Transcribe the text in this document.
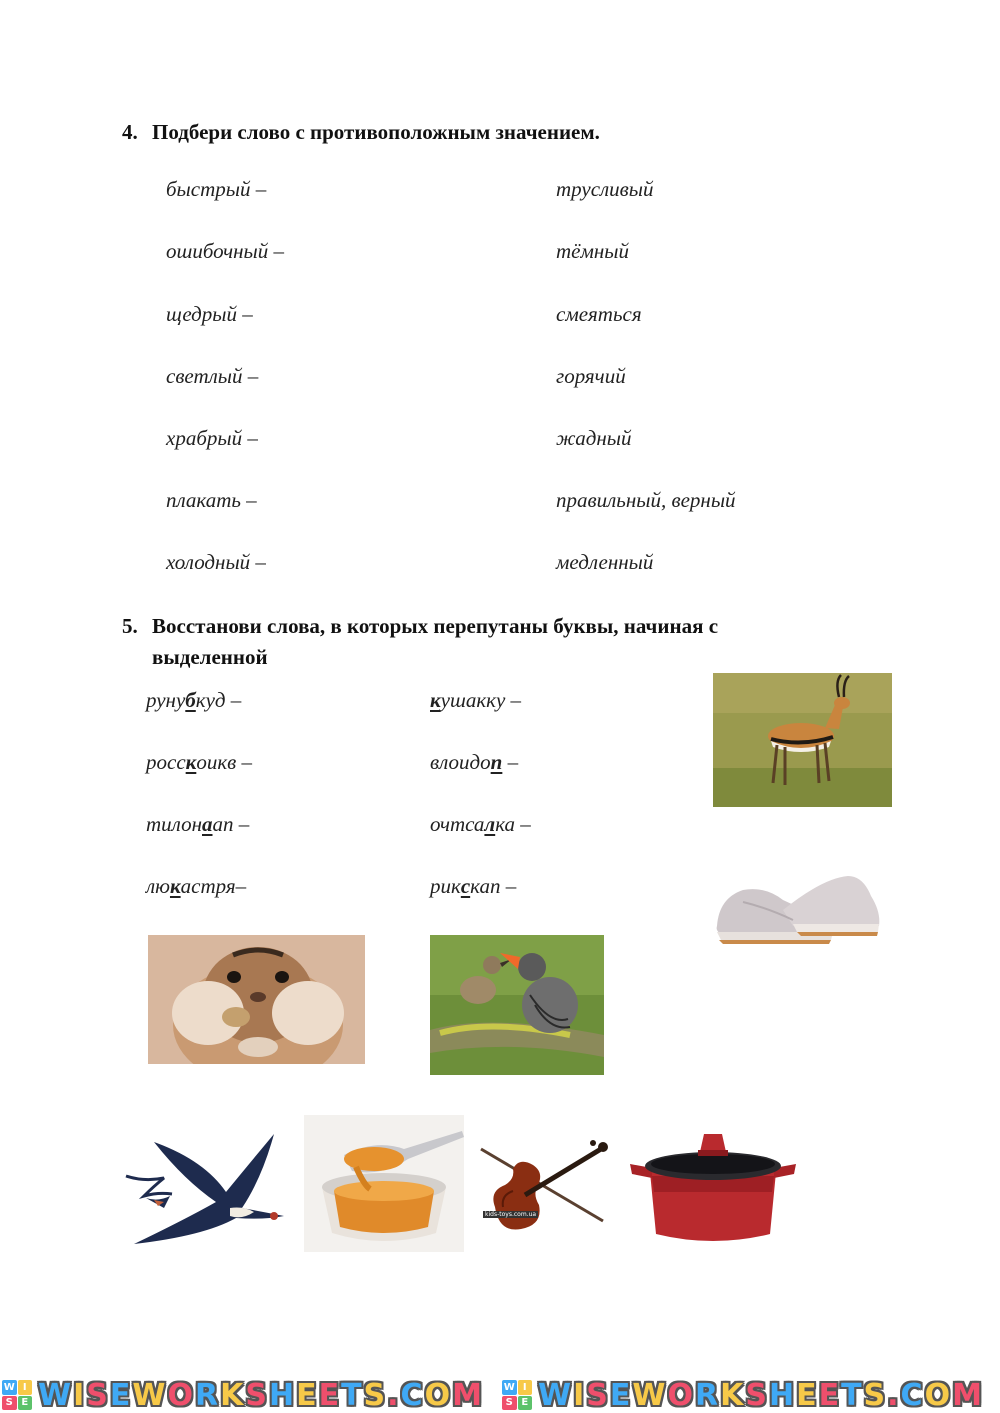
4. Подбери слово с противоположным значением.
быстрый –
ошибочный –
щедрый –
светлый –
храбрый –
плакать –
холодный –
трусливый
тёмный
смеяться
горячий
жадный
правильный, верный
медленный
5. Восстанови слова, в которых перепутаны буквы, начиная с выделенной
рунубкуд –
росскоикв –
тилонаап –
люкастря–
кушакку –
влоидоп –
очтсалка –
рикскап –
kids-toys.com.ua
W I
S E WISEWORKSHEETS.COM W I
S E WISEWORKSHEETS.COM
